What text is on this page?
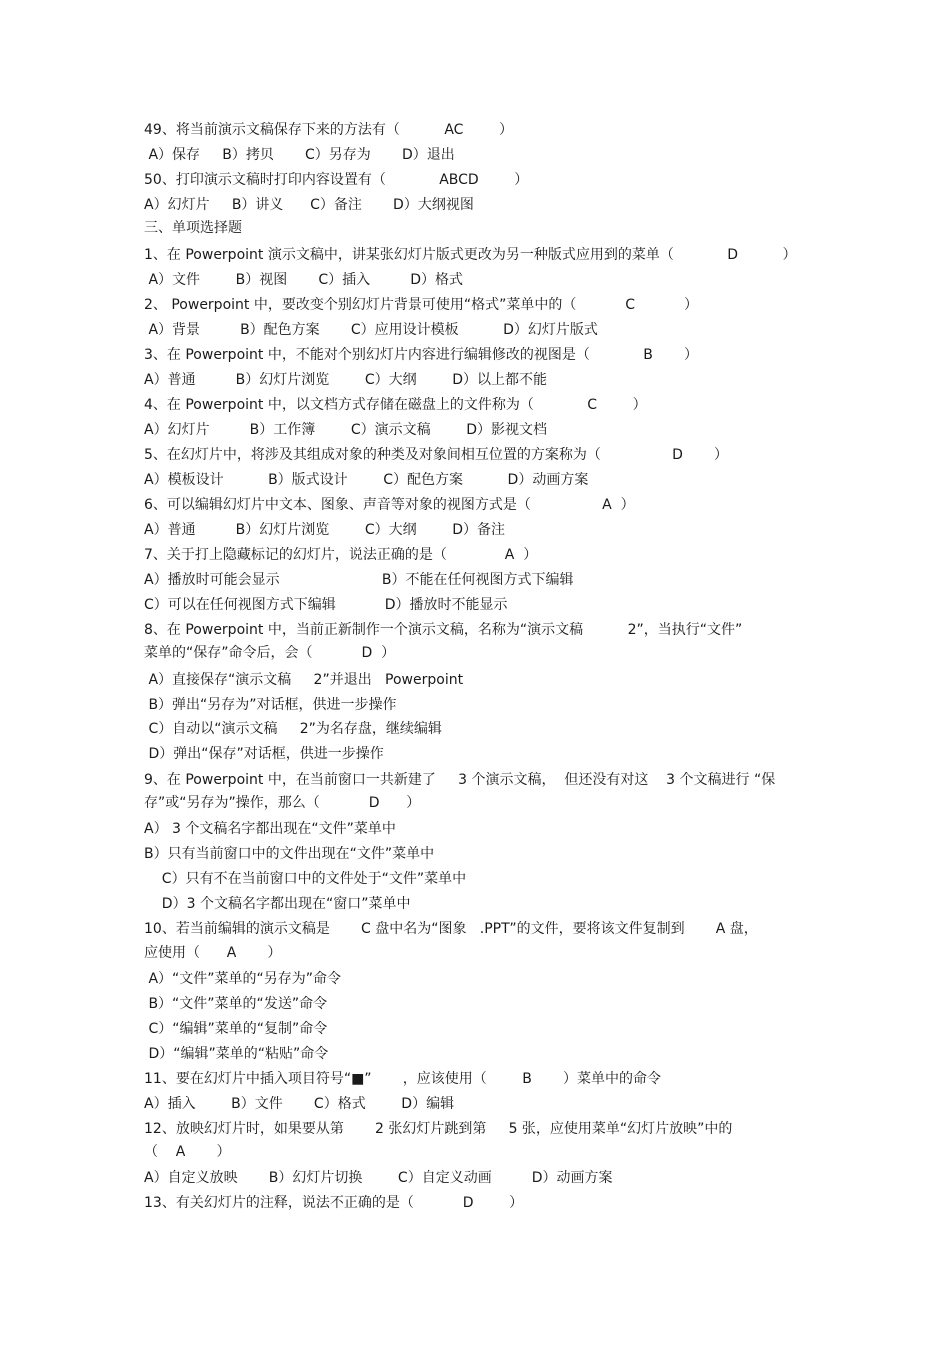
49、将当前演示文稿保存下来的方法有（          AC        ）
A）保存     B）拷贝       C）另存为       D）退出
50、打印演示文稿时打印内容设置有（            ABCD        ）
A）幻灯片     B）讲义      C）备注       D）大纲视图
三、单项选择题
1、在 Powerpoint 演示文稿中，讲某张幻灯片版式更改为另一种版式应用到的菜单（            D          ）
A）文件        B）视图       C）插入         D）格式
2、 Powerpoint 中，要改变个别幻灯片背景可使用“格式”菜单中的（           C           ）
A）背景         B）配色方案       C）应用设计模板          D）幻灯片版式
3、在 Powerpoint 中，不能对个别幻灯片内容进行编辑修改的视图是（            B       ）
A）普通         B）幻灯片浏览        C）大纲        D）以上都不能
4、在 Powerpoint 中，以文档方式存储在磁盘上的文件称为（            C        ）
A）幻灯片         B）工作簿        C）演示文稿        D）影视文档
5、在幻灯片中，将涉及其组成对象的种类及对象间相互位置的方案称为（                D       ）
A）模板设计          B）版式设计        C）配色方案          D）动画方案
6、可以编辑幻灯片中文本、图象、声音等对象的视图方式是（                A  ）
A）普通         B）幻灯片浏览        C）大纲        D）备注
7、关于打上隐藏标记的幻灯片，说法正确的是（             A  ）
A）播放时可能会显示                       B）不能在任何视图方式下编辑
C）可以在任何视图方式下编辑           D）播放时不能显示
8、在 Powerpoint 中，当前正新制作一个演示文稿，名称为“演示文稿          2”，当执行“文件”
菜单的“保存”命令后，会（           D  ）
A）直接保存“演示文稿     2”并退出   Powerpoint
B）弹出“另存为”对话框，供进一步操作
C）自动以“演示文稿     2”为名存盘，继续编辑
D）弹出“保存”对话框，供进一步操作
9、在 Powerpoint 中，在当前窗口一共新建了     3 个演示文稿，  但还没有对这    3 个文稿进行 “保
存”或“另存为”操作，那么（           D      ）
A） 3 个文稿名字都出现在“文件”菜单中
B）只有当前窗口中的文件出现在“文件”菜单中
C）只有不在当前窗口中的文件处于“文件”菜单中
D）3 个文稿名字都出现在“窗口”菜单中
10、若当前编辑的演示文稿是       C 盘中名为“图象   .PPT”的文件，要将该文件复制到       A 盘，
应使用（      A       ）
A）“文件”菜单的“另存为”命令
B）“文件”菜单的“发送”命令
C）“编辑”菜单的“复制”命令
D）“编辑”菜单的“粘贴”命令
11、要在幻灯片中插入项目符号“■”       ，应该使用（        B       ）菜单中的命令
A）插入        B）文件       C）格式        D）编辑
12、放映幻灯片时，如果要从第       2 张幻灯片跳到第     5 张，应使用菜单“幻灯片放映”中的
（    A       ）
A）自定义放映       B）幻灯片切换        C）自定义动画         D）动画方案
13、有关幻灯片的注释，说法不正确的是（           D        ）
